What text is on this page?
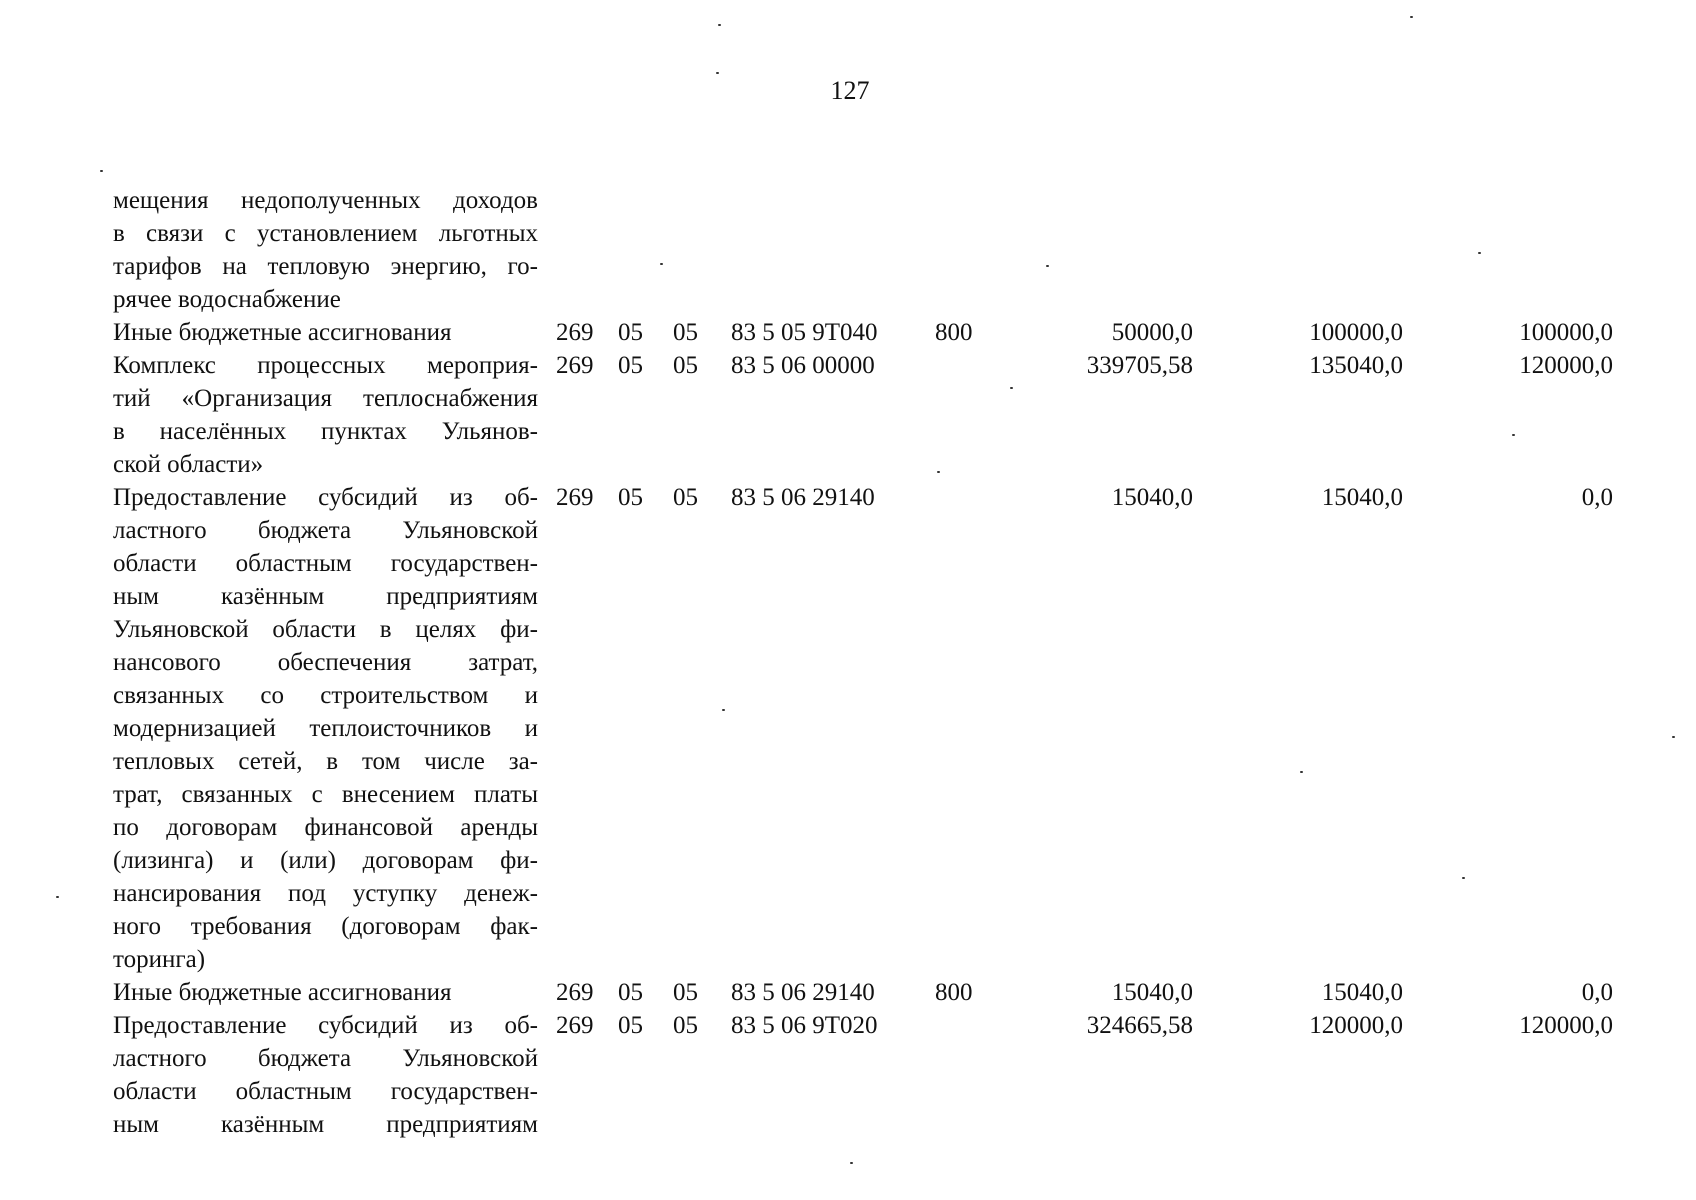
127
мещения недополученных доходов
в связи с установлением льготных
тарифов на тепловую энергию, го-
рячее водоснабжение
Иные бюджетные ассигнования	269 05 05 83 5 05 9Т040 800	50000,0	100000,0	100000,0
Комплекс процессных мероприя-
тий «Организация теплоснабжения
в населённых пунктах Ульянов-
ской области»
269 05 05 83 5 06 00000	339705,58	135040,0	120000,0
Предоставление субсидий из об-
ластного бюджета Ульяновской
области областным государствен-
ным казённым предприятиям
Ульяновской области в целях фи-
нансового обеспечения затрат,
связанных со строительством и
модернизацией теплоисточников и
тепловых сетей, в том числе за-
трат, связанных с внесением платы
по договорам финансовой аренды
(лизинга) и (или) договорам фи-
нансирования под уступку денеж-
ного требования (договорам фак-
торинга)
269 05 05 83 5 06 29140	15040,0	15040,0	0,0
Иные бюджетные ассигнования	269 05 05 83 5 06 29140 800	15040,0	15040,0	0,0
Предоставление субсидий из об-
ластного бюджета Ульяновской
области областным государствен-
ным казённым предприятиям
269 05 05 83 5 06 9Т020	324665,58	120000,0	120000,0
